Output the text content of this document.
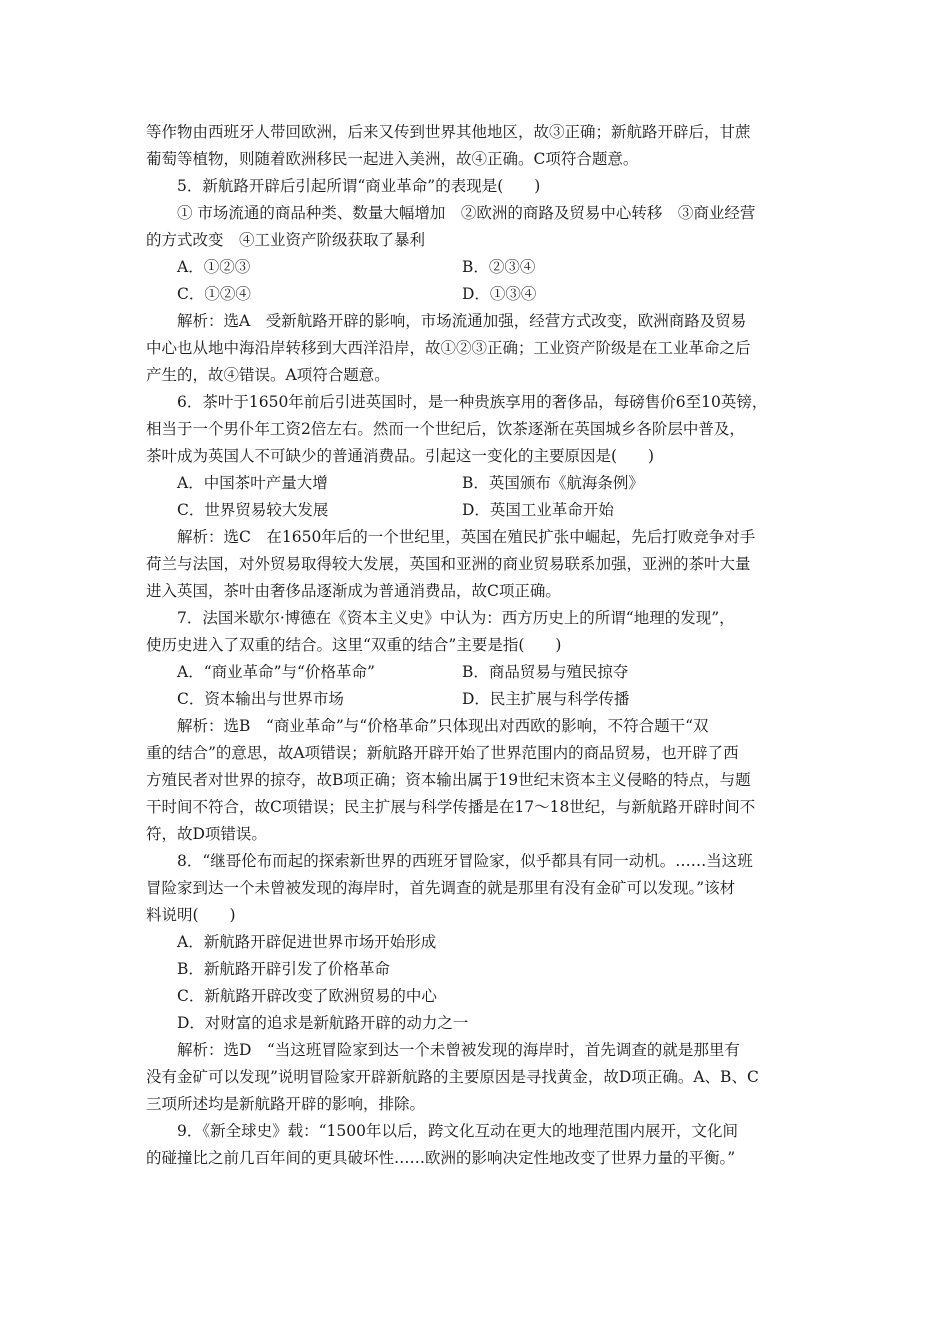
等作物由西班牙人带回欧洲，后来又传到世界其他地区，故③正确；新航路开辟后，甘蔗
葡萄等植物，则随着欧洲移民一起进入美洲，故④正确。C项符合题意。
5．新航路开辟后引起所谓“商业革命”的表现是(　　)
① 市场流通的商品种类、数量大幅增加　②欧洲的商路及贸易中心转移　③商业经营
的方式改变　④工业资产阶级获取了暴利
A．①②③	B．②③④
C．①②④	D．①③④
解析：选A　受新航路开辟的影响，市场流通加强，经营方式改变，欧洲商路及贸易
中心也从地中海沿岸转移到大西洋沿岸，故①②③正确；工业资产阶级是在工业革命之后
产生的，故④错误。A项符合题意。
6．茶叶于1650年前后引进英国时，是一种贵族享用的奢侈品，每磅售价6至10英镑，
相当于一个男仆年工资2倍左右。然而一个世纪后，饮茶逐渐在英国城乡各阶层中普及，
茶叶成为英国人不可缺少的普通消费品。引起这一变化的主要原因是(　　)
A．中国茶叶产量大增	B．英国颁布《航海条例》
C．世界贸易较大发展	D．英国工业革命开始
解析：选C　在1650年后的一个世纪里，英国在殖民扩张中崛起，先后打败竞争对手
荷兰与法国，对外贸易取得较大发展，英国和亚洲的商业贸易联系加强，亚洲的茶叶大量
进入英国，茶叶由奢侈品逐渐成为普通消费品，故C项正确。
7．法国米歇尔·博德在《资本主义史》中认为：西方历史上的所谓“地理的发现”，
使历史进入了双重的结合。这里“双重的结合”主要是指(　　)
A．“商业革命”与“价格革命”	B．商品贸易与殖民掠夺
C．资本输出与世界市场	D．民主扩展与科学传播
解析：选B　“商业革命”与“价格革命”只体现出对西欧的影响，不符合题干“双
重的结合”的意思，故A项错误；新航路开辟开始了世界范围内的商品贸易，也开辟了西
方殖民者对世界的掠夺，故B项正确；资本输出属于19世纪末资本主义侵略的特点，与题
干时间不符合，故C项错误；民主扩展与科学传播是在17～18世纪，与新航路开辟时间不
符，故D项错误。
8．“继哥伦布而起的探索新世界的西班牙冒险家，似乎都具有同一动机。……当这班
冒险家到达一个未曾被发现的海岸时，首先调查的就是那里有没有金矿可以发现。”该材
料说明(　　)
A．新航路开辟促进世界市场开始形成
B．新航路开辟引发了价格革命
C．新航路开辟改变了欧洲贸易的中心
D．对财富的追求是新航路开辟的动力之一
解析：选D　“当这班冒险家到达一个未曾被发现的海岸时，首先调查的就是那里有
没有金矿可以发现”说明冒险家开辟新航路的主要原因是寻找黄金，故D项正确。A、B、C
三项所述均是新航路开辟的影响，排除。
9．《新全球史》载：“1500年以后，跨文化互动在更大的地理范围内展开，文化间
的碰撞比之前几百年间的更具破坏性……欧洲的影响决定性地改变了世界力量的平衡。”
